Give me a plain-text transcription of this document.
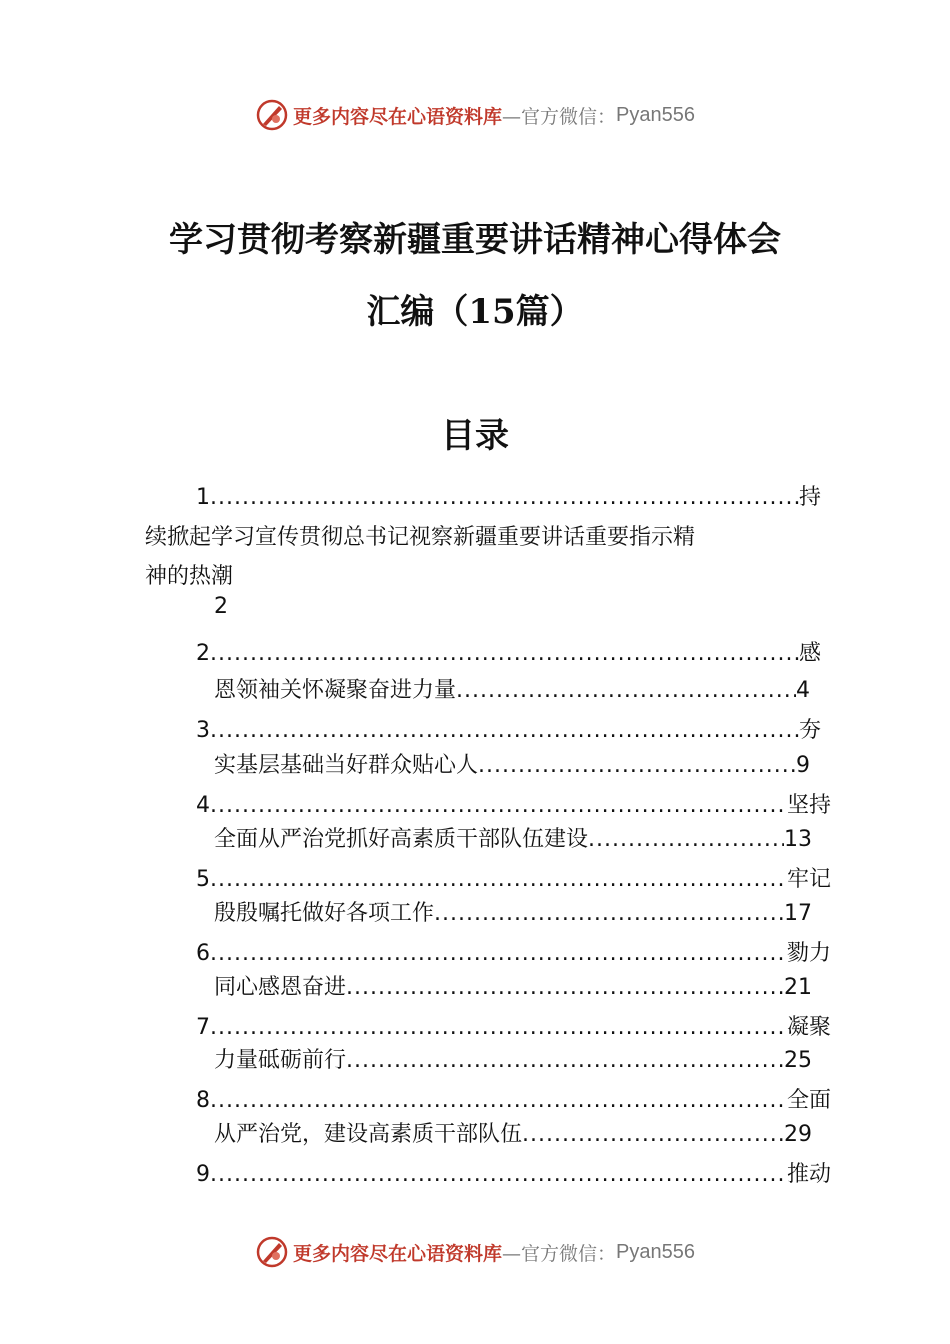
更多内容尽在心语资料库 —官方微信： Pyan556
学习贯彻考察新疆重要讲话精神心得体会
汇编（15篇）
目录
1 .....	持
续掀起学习宣传贯彻总书记视察新疆重要讲话重要指示精
神的热潮
2
2 .....	感
恩领袖关怀凝聚奋进力量 .....	4
3 .....	夯
实基层基础当好群众贴心人 .....	9
4 .....	坚持
全面从严治党抓好高素质干部队伍建设 .....	13
5 .....	牢记
殷殷嘱托做好各项工作 .....	17
6 .....	勠力
同心感恩奋进 .....	21
7 .....	凝聚
力量砥砺前行 .....	25
8 .....	全面
从严治党，建设高素质干部队伍 .....	29
9 .....	推动
更多内容尽在心语资料库 —官方微信： Pyan556
